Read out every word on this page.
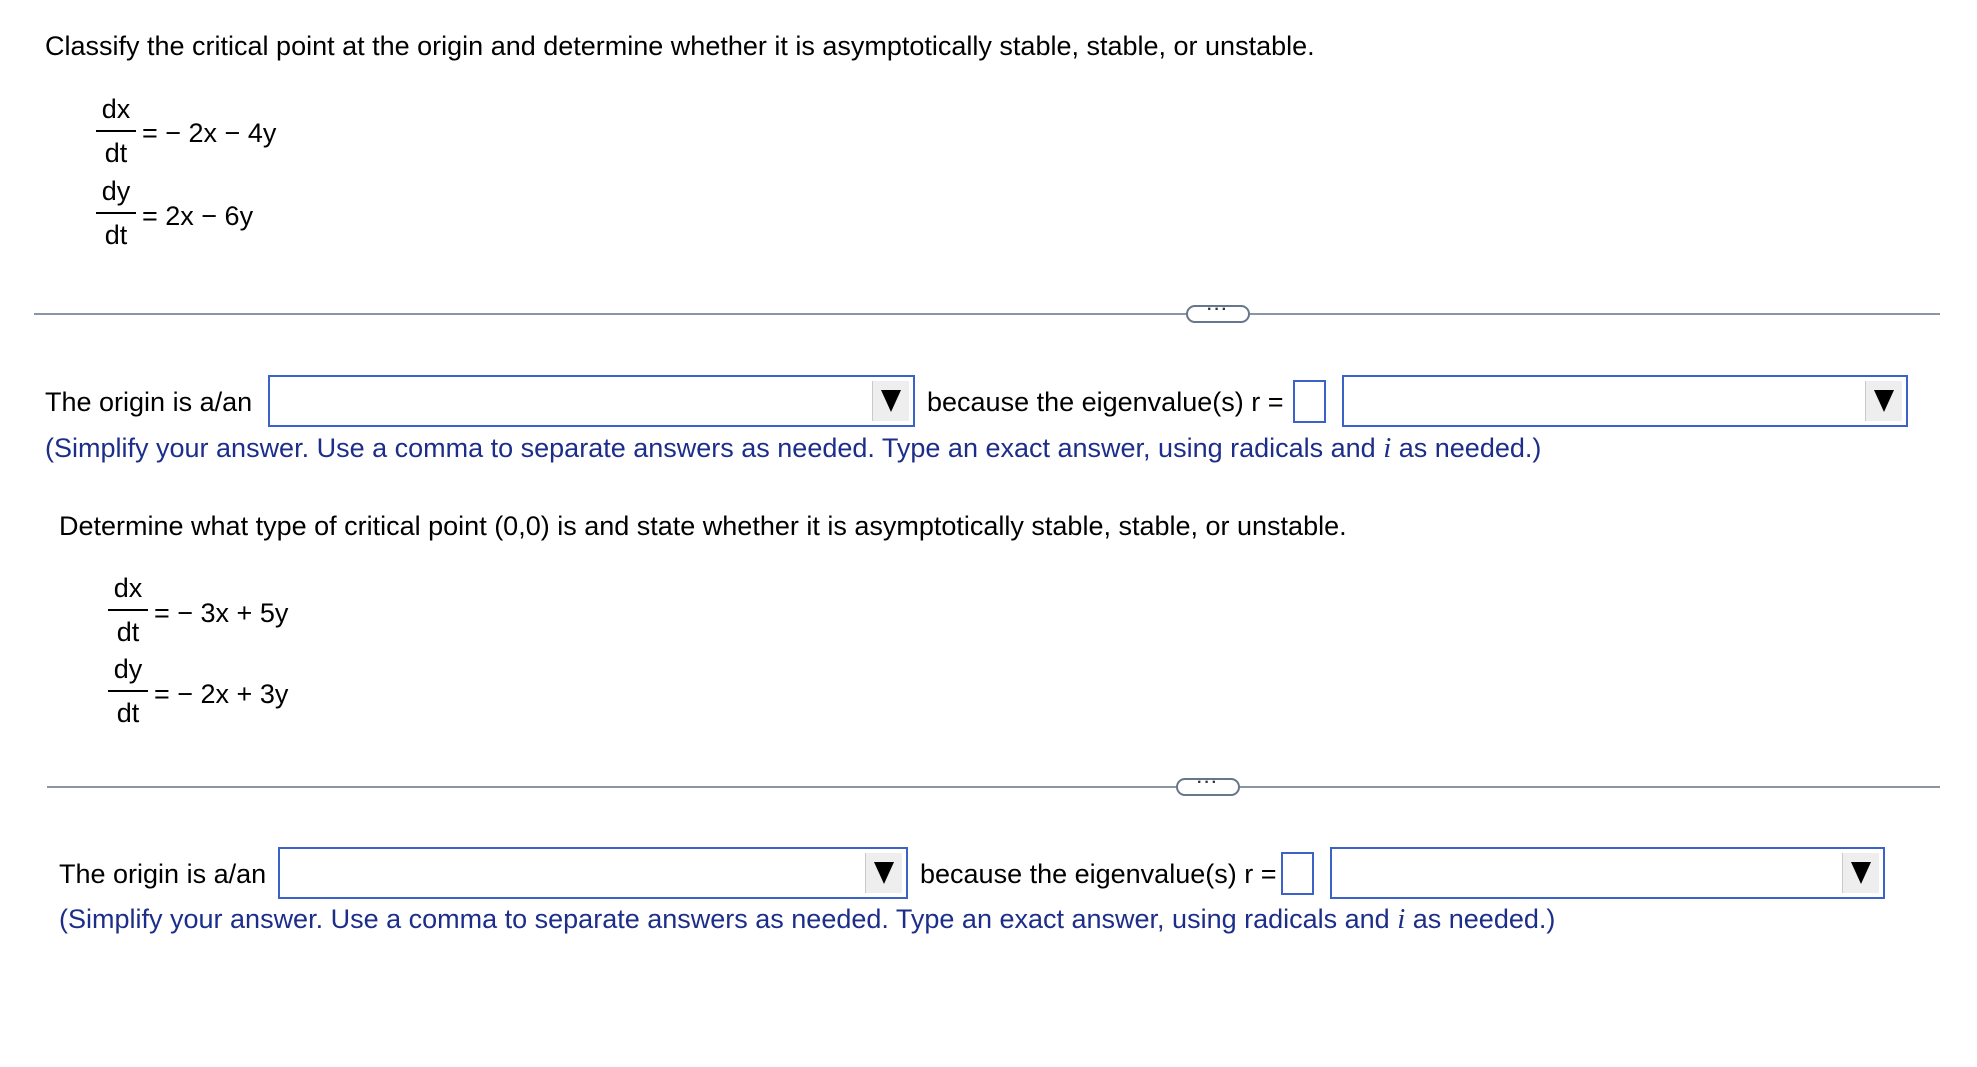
Classify the critical point at the origin and determine whether it is asymptotically stable, stable, or unstable.
dx
dt
= − 2x − 4y
dy
dt
= 2x − 6y
···
The origin is a/an	because the eigenvalue(s) r =
(Simplify your answer. Use a comma to separate answers as needed. Type an exact answer, using radicals and i as needed.)
Determine what type of critical point (0,0) is and state whether it is asymptotically stable, stable, or unstable.
dx
dt
= − 3x + 5y
dy
dt
= − 2x + 3y
···
The origin is a/an	because the eigenvalue(s) r =
(Simplify your answer. Use a comma to separate answers as needed. Type an exact answer, using radicals and i as needed.)
